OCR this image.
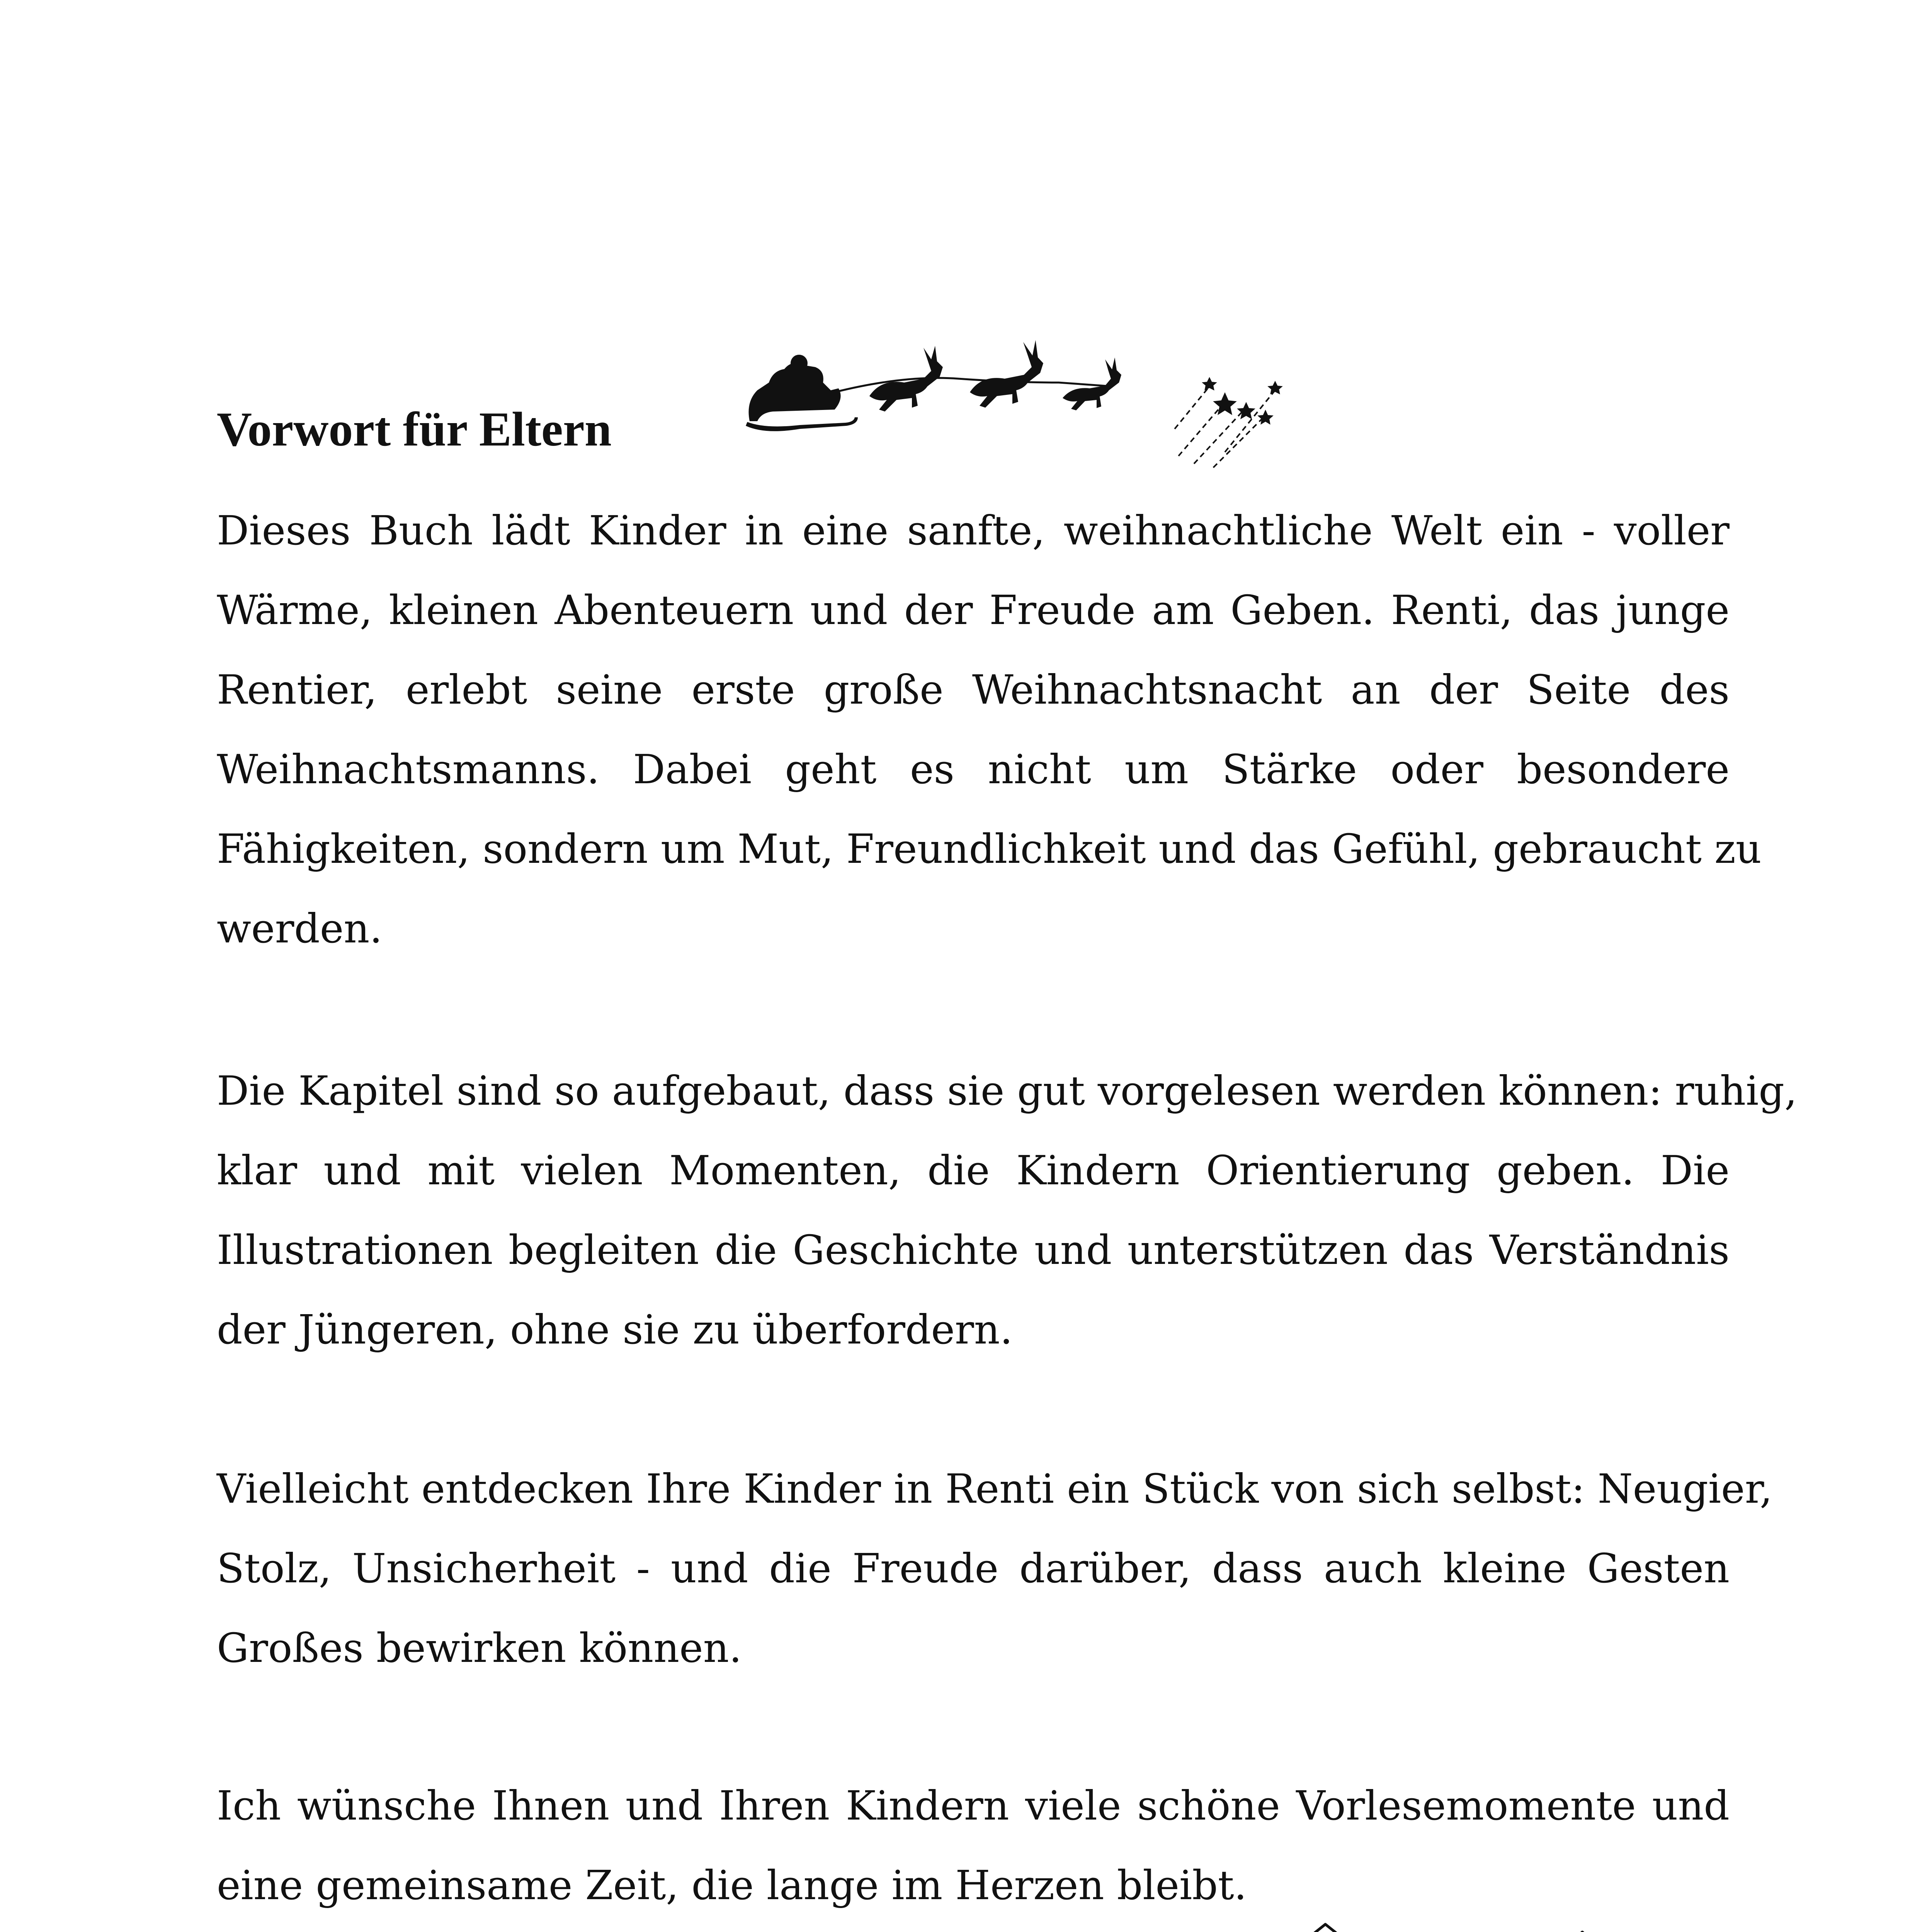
Vorwort für Eltern

Dieses Buch lädt Kinder in eine sanfte, weihnachtliche Welt ein - voller
Wärme, kleinen Abenteuern und der Freude am Geben. Renti, das junge
Rentier, erlebt seine erste große Weihnachtsnacht an der Seite des
Weihnachtsmanns. Dabei geht es nicht um Stärke oder besondere
Fähigkeiten, sondern um Mut, Freundlichkeit und das Gefühl, gebraucht zu
werden.

Die Kapitel sind so aufgebaut, dass sie gut vorgelesen werden können: ruhig,
klar und mit vielen Momenten, die Kindern Orientierung geben. Die
Illustrationen begleiten die Geschichte und unterstützen das Verständnis
der Jüngeren, ohne sie zu überfordern.

Vielleicht entdecken Ihre Kinder in Renti ein Stück von sich selbst: Neugier,
Stolz, Unsicherheit - und die Freude darüber, dass auch kleine Gesten
Großes bewirken können.

Ich wünsche Ihnen und Ihren Kindern viele schöne Vorlesemomente und
eine gemeinsame Zeit, die lange im Herzen bleibt.
